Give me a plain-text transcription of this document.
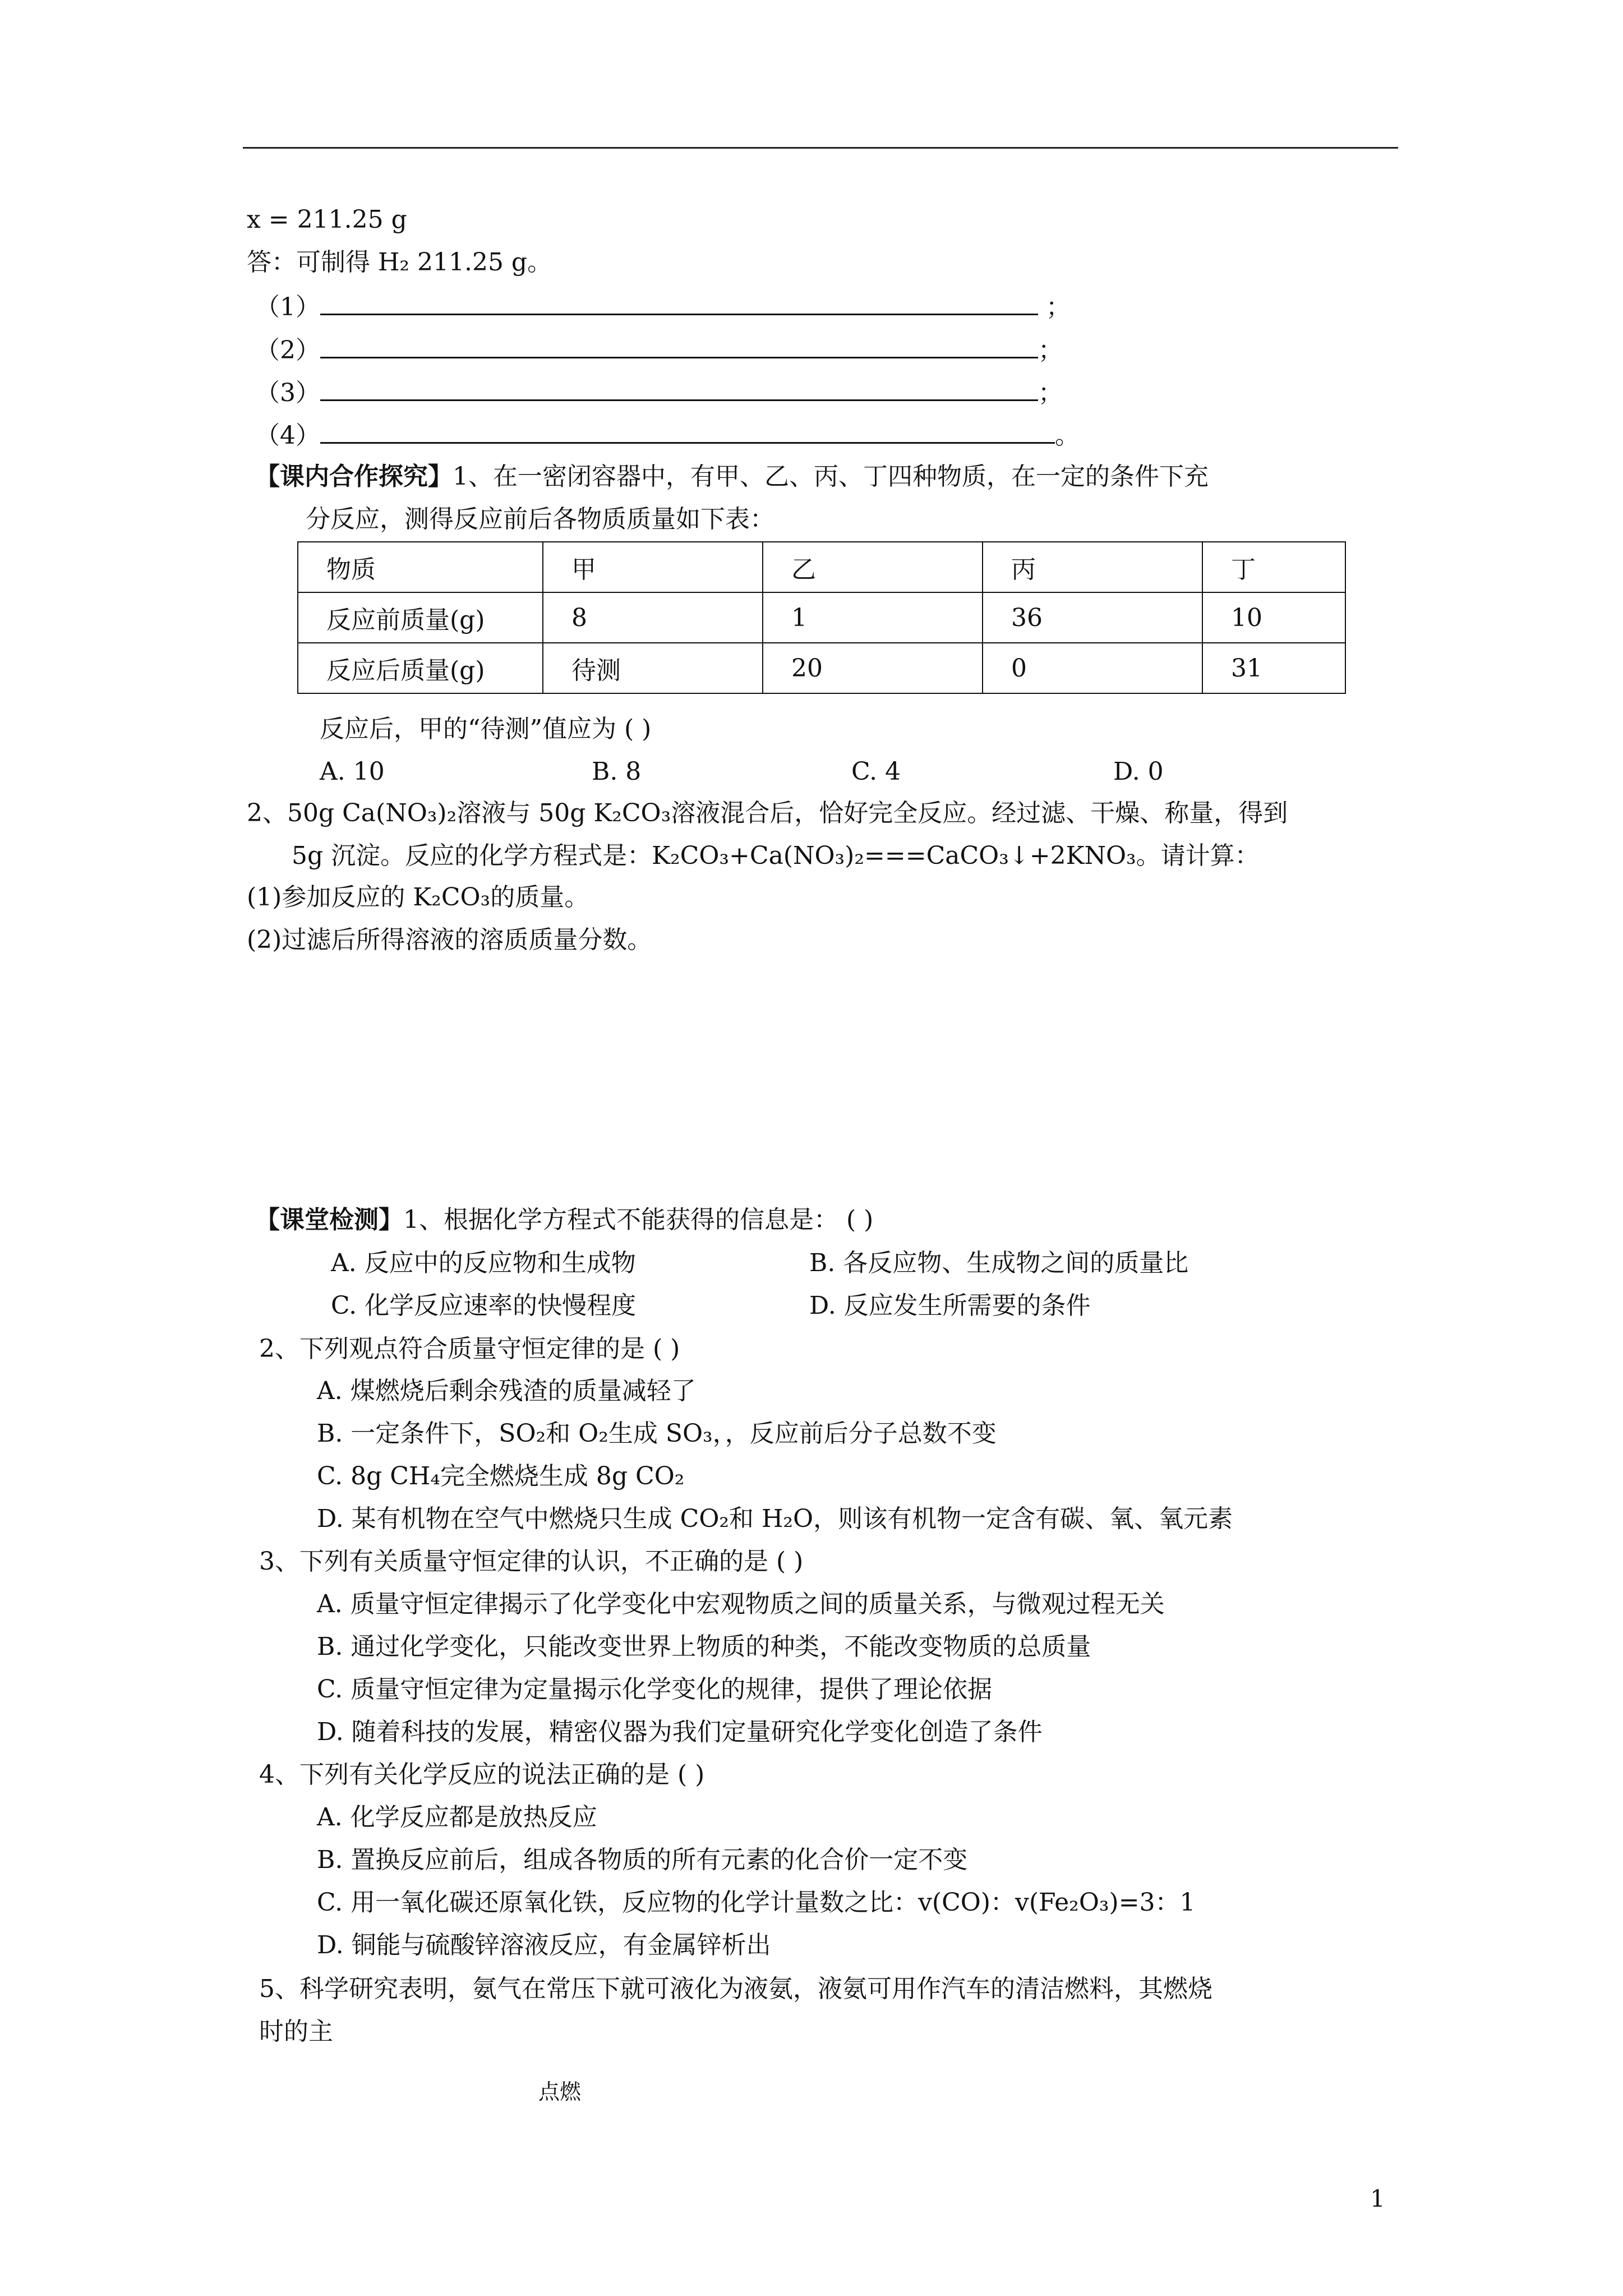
x = 211.25 g
答：可制得 H₂ 211.25 g。
（1）	；
（2）	；
（3）	；
（4）	。
【课内合作探究】1、在一密闭容器中，有甲、乙、丙、丁四种物质，在一定的条件下充
分反应，测得反应前后各物质质量如下表：
物质	甲	乙	丙	丁
反应前质量(g)	8	1	36	10
反应后质量(g)	待测	20	0	31
反应后，甲的“待测”值应为 ( )
A. 10	B. 8	C. 4	D. 0
2、50g Ca(NO₃)₂溶液与 50g K₂CO₃溶液混合后，恰好完全反应。经过滤、干燥、称量，得到
5g 沉淀。反应的化学方程式是：K₂CO₃+Ca(NO₃)₂===CaCO₃↓+2KNO₃。请计算：
(1)参加反应的 K₂CO₃的质量。
(2)过滤后所得溶液的溶质质量分数。
【课堂检测】1、根据化学方程式不能获得的信息是： ( )
A. 反应中的反应物和生成物	B. 各反应物、生成物之间的质量比
C. 化学反应速率的快慢程度	D. 反应发生所需要的条件
2、下列观点符合质量守恒定律的是 ( )
A. 煤燃烧后剩余残渣的质量减轻了
B. 一定条件下，SO₂和 O₂生成 SO₃，，反应前后分子总数不变
C. 8g CH₄完全燃烧生成 8g CO₂
D. 某有机物在空气中燃烧只生成 CO₂和 H₂O，则该有机物一定含有碳、氧、氧元素
3、下列有关质量守恒定律的认识，不正确的是 ( )
A. 质量守恒定律揭示了化学变化中宏观物质之间的质量关系，与微观过程无关
B. 通过化学变化，只能改变世界上物质的种类，不能改变物质的总质量
C. 质量守恒定律为定量揭示化学变化的规律，提供了理论依据
D. 随着科技的发展，精密仪器为我们定量研究化学变化创造了条件
4、下列有关化学反应的说法正确的是 ( )
A. 化学反应都是放热反应
B. 置换反应前后，组成各物质的所有元素的化合价一定不变
C. 用一氧化碳还原氧化铁，反应物的化学计量数之比：v(CO)：v(Fe₂O₃)=3：1
D. 铜能与硫酸锌溶液反应，有金属锌析出
5、科学研究表明，氨气在常压下就可液化为液氨，液氨可用作汽车的清洁燃料，其燃烧
时的主
点燃
1
